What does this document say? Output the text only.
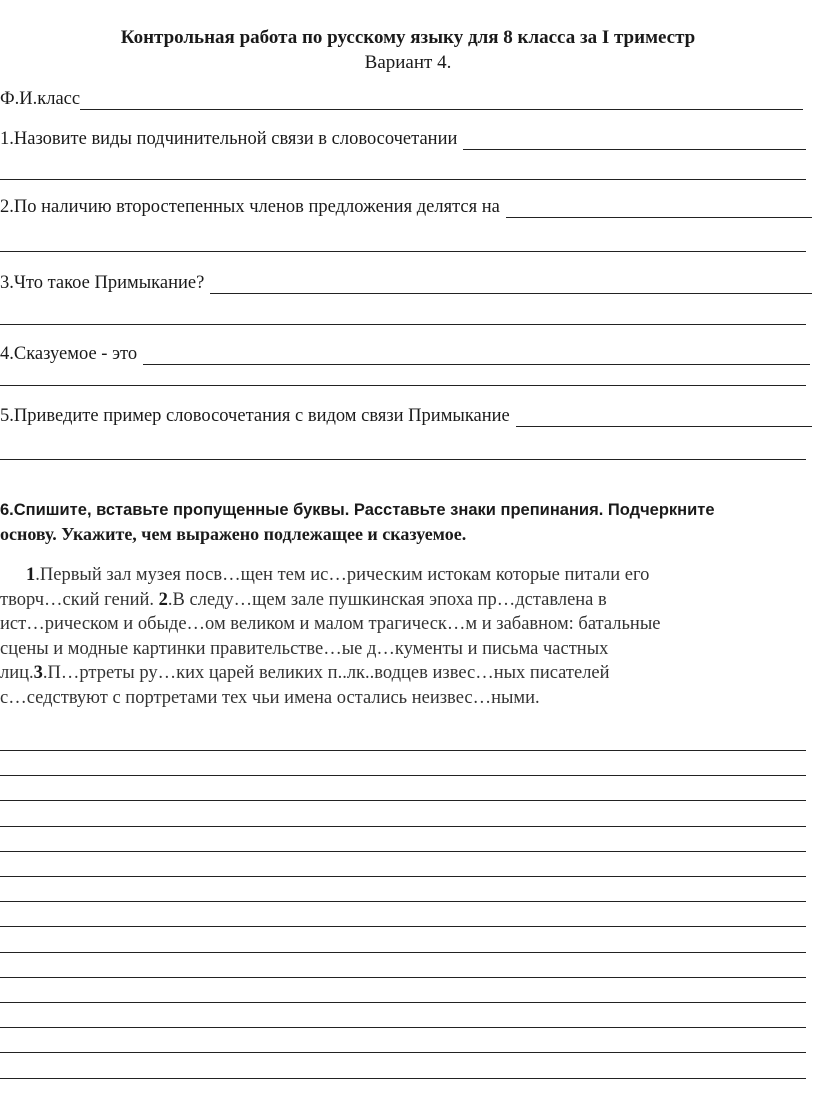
Контрольная работа по русскому языку для 8 класса за I триместр
Вариант 4.
Ф.И.класс
1.Назовите виды подчинительной связи в словосочетании
2.По наличию второстепенных членов предложения делятся на
3.Что такое Примыкание?
4.Сказуемое - это
5.Приведите пример словосочетания с видом связи Примыкание
6.Спишите, вставьте пропущенные буквы. Расставьте знаки препинания. Подчеркните
основу. Укажите, чем выражено подлежащее и сказуемое.
1.Первый зал музея посв…щен тем ис…рическим истокам которые питали его
творч…ский гений. 2.В следу…щем зале пушкинская эпоха пр…дставлена в
ист…рическом и обыде…ом великом и малом трагическ…м и забавном: батальные
сцены и модные картинки правительстве…ые д…кументы и письма частных
лиц.3.П…ртреты ру…ких царей великих п..лк..водцев извес…ных писателей
с…седствуют с портретами тех чьи имена остались неизвес…ными.
